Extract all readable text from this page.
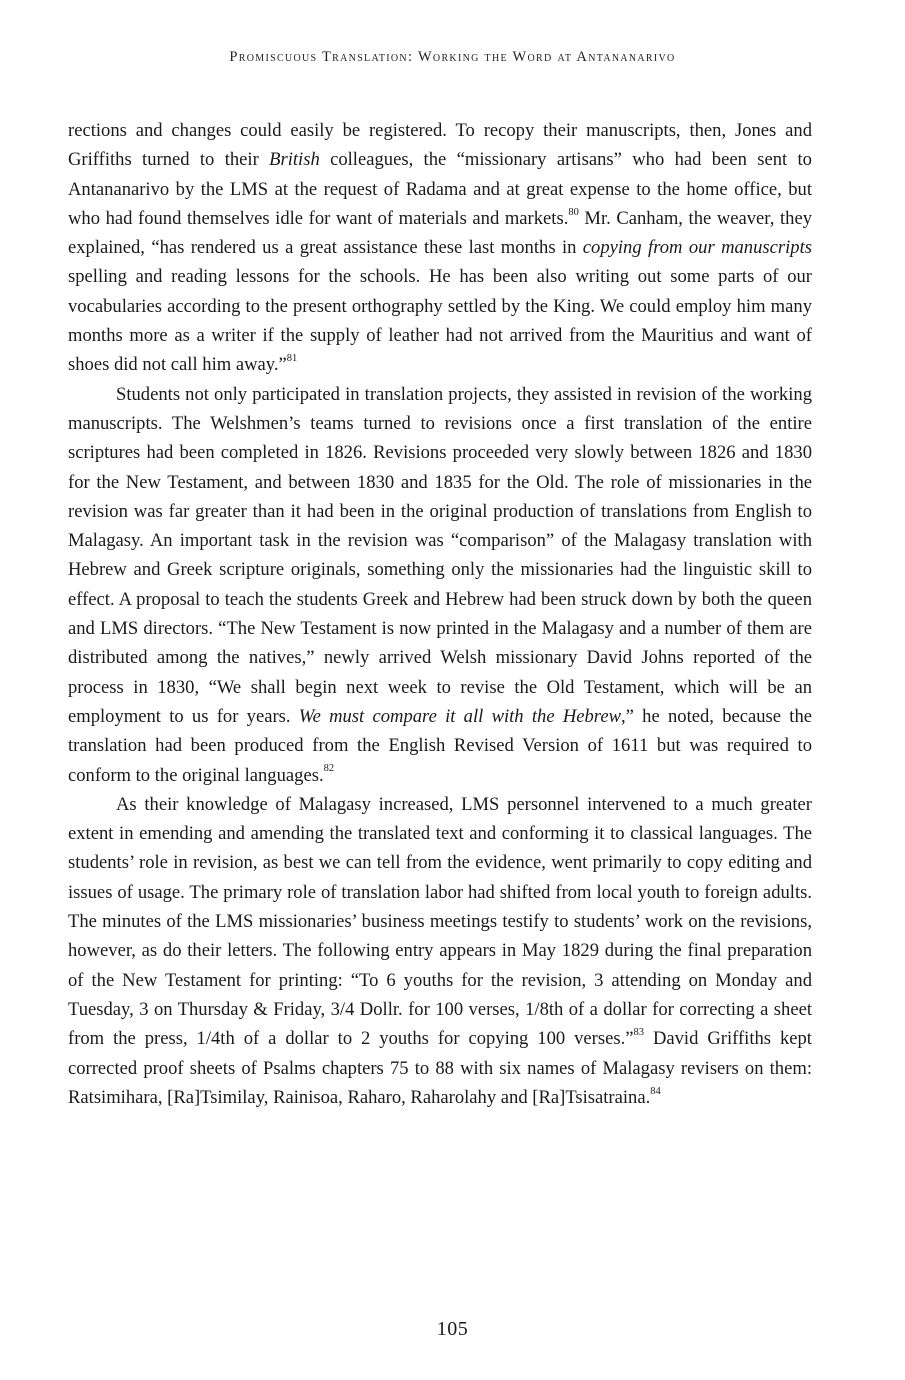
Promiscuous Translation: Working the Word at Antananarivo

rections and changes could easily be registered. To recopy their manuscripts, then, Jones and Griffiths turned to their British colleagues, the “missionary artisans” who had been sent to Antananarivo by the LMS at the request of Radama and at great expense to the home office, but who had found themselves idle for want of materials and markets.$^{80}$ Mr. Canham, the weaver, they explained, “has rendered us a great assistance these last months in copying from our manuscripts spelling and reading lessons for the schools. He has been also writing out some parts of our vocabularies according to the present orthography settled by the King. We could employ him many months more as a writer if the supply of leather had not arrived from the Mauritius and want of shoes did not call him away.”$^{81}$

Students not only participated in translation projects, they assisted in revision of the working manuscripts. The Welshmen’s teams turned to revisions once a first translation of the entire scriptures had been completed in 1826. Revisions proceeded very slowly between 1826 and 1830 for the New Testament, and between 1830 and 1835 for the Old. The role of missionaries in the revision was far greater than it had been in the original production of translations from English to Malagasy. An important task in the revision was “comparison” of the Malagasy translation with Hebrew and Greek scripture originals, something only the missionaries had the linguistic skill to effect. A proposal to teach the students Greek and Hebrew had been struck down by both the queen and LMS directors. “The New Testament is now printed in the Malagasy and a number of them are distributed among the natives,” newly arrived Welsh missionary David Johns reported of the process in 1830, “We shall begin next week to revise the Old Testament, which will be an employment to us for years. We must compare it all with the Hebrew,” he noted, because the translation had been produced from the English Revised Version of 1611 but was required to conform to the original languages.$^{82}$

As their knowledge of Malagasy increased, LMS personnel intervened to a much greater extent in emending and amending the translated text and conforming it to classical languages. The students’ role in revision, as best we can tell from the evidence, went primarily to copy editing and issues of usage. The primary role of translation labor had shifted from local youth to foreign adults. The minutes of the LMS missionaries’ business meetings testify to students’ work on the revisions, however, as do their letters. The following entry appears in May 1829 during the final preparation of the New Testament for printing: “To 6 youths for the revision, 3 attending on Monday and Tuesday, 3 on Thursday & Friday, 3/4 Dollr. for 100 verses, 1/8th of a dollar for correcting a sheet from the press, 1/4th of a dollar to 2 youths for copying 100 verses.”$^{83}$ David Griffiths kept corrected proof sheets of Psalms chapters 75 to 88 with six names of Malagasy revisers on them: Ratsimihara, [Ra]Tsimilay, Rainisoa, Raharo, Raharolahy and [Ra]Tsisatraina.$^{84}$

105
